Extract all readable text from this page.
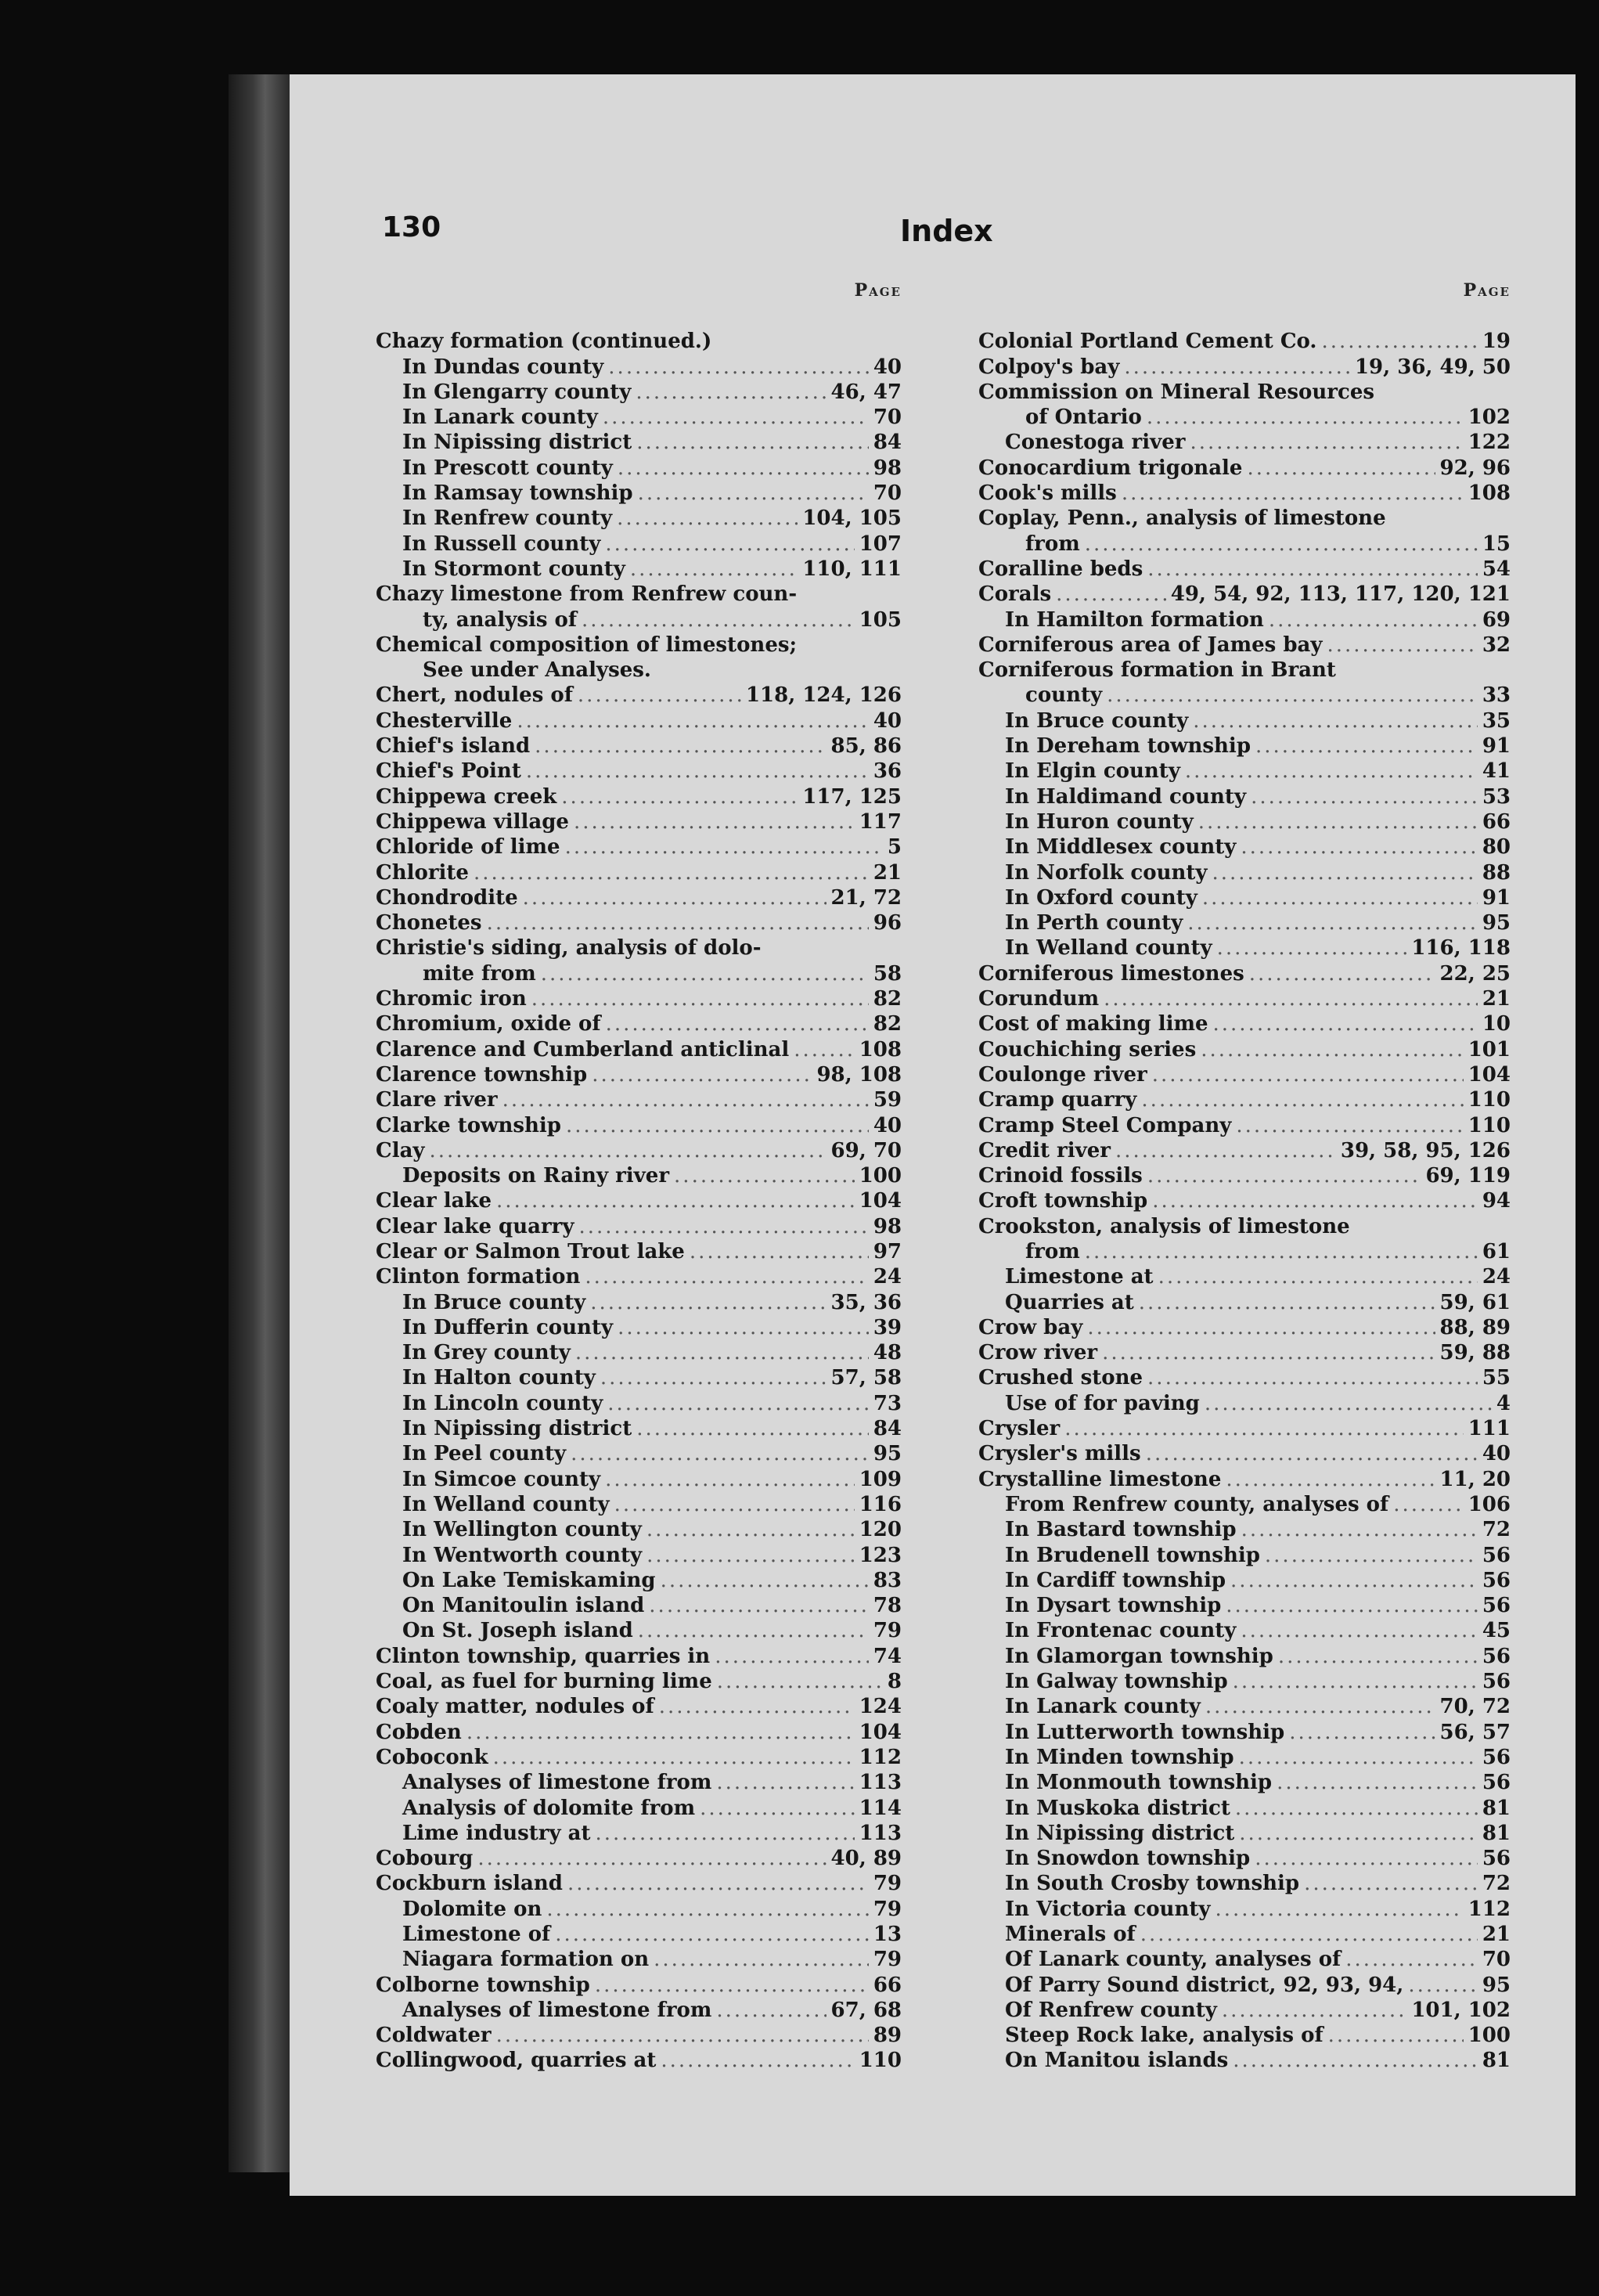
130	Index
Page
Chazy formation (continued.)
In Dundas county .....	40
In Glengarry county .....	46, 47
In Lanark county .....	70
In Nipissing district .....	84
In Prescott county .....	98
In Ramsay township .....	70
In Renfrew county .....	104, 105
In Russell county .....	107
In Stormont county .....	110, 111
Chazy limestone from Renfrew coun-
ty, analysis of .....	105
Chemical composition of limestones;
See under Analyses.
Chert, nodules of .....	118, 124, 126
Chesterville .....	40
Chief's island .....	85, 86
Chief's Point .....	36
Chippewa creek .....	117, 125
Chippewa village .....	117
Chloride of lime .....	5
Chlorite .....	21
Chondrodite .....	21, 72
Chonetes .....	96
Christie's siding, analysis of dolo-
mite from .....	58
Chromic iron .....	82
Chromium, oxide of .....	82
Clarence and Cumberland anticlinal .....	108
Clarence township .....	98, 108
Clare river .....	59
Clarke township .....	40
Clay .....	69, 70
Deposits on Rainy river .....	100
Clear lake .....	104
Clear lake quarry .....	98
Clear or Salmon Trout lake .....	97
Clinton formation .....	24
In Bruce county .....	35, 36
In Dufferin county .....	39
In Grey county .....	48
In Halton county .....	57, 58
In Lincoln county .....	73
In Nipissing district .....	84
In Peel county .....	95
In Simcoe county .....	109
In Welland county .....	116
In Wellington county .....	120
In Wentworth county .....	123
On Lake Temiskaming .....	83
On Manitoulin island .....	78
On St. Joseph island .....	79
Clinton township, quarries in .....	74
Coal, as fuel for burning lime .....	8
Coaly matter, nodules of .....	124
Cobden .....	104
Coboconk .....	112
Analyses of limestone from .....	113
Analysis of dolomite from .....	114
Lime industry at .....	113
Cobourg .....	40, 89
Cockburn island .....	79
Dolomite on .....	79
Limestone of .....	13
Niagara formation on .....	79
Colborne township .....	66
Analyses of limestone from .....	67, 68
Coldwater .....	89
Collingwood, quarries at .....	110
Page
Colonial Portland Cement Co. .....	19
Colpoy's bay .....	19, 36, 49, 50
Commission on Mineral Resources
of Ontario .....	102
Conestoga river .....	122
Conocardium trigonale .....	92, 96
Cook's mills .....	108
Coplay, Penn., analysis of limestone
from .....	15
Coralline beds .....	54
Corals .....	49, 54, 92, 113, 117, 120, 121
In Hamilton formation .....	69
Corniferous area of James bay .....	32
Corniferous formation in Brant
county .....	33
In Bruce county .....	35
In Dereham township .....	91
In Elgin county .....	41
In Haldimand county .....	53
In Huron county .....	66
In Middlesex county .....	80
In Norfolk county .....	88
In Oxford county .....	91
In Perth county .....	95
In Welland county .....	116, 118
Corniferous limestones .....	22, 25
Corundum .....	21
Cost of making lime .....	10
Couchiching series .....	101
Coulonge river .....	104
Cramp quarry .....	110
Cramp Steel Company .....	110
Credit river .....	39, 58, 95, 126
Crinoid fossils .....	69, 119
Croft township .....	94
Crookston, analysis of limestone
from .....	61
Limestone at .....	24
Quarries at .....	59, 61
Crow bay .....	88, 89
Crow river .....	59, 88
Crushed stone .....	55
Use of for paving .....	4
Crysler .....	111
Crysler's mills .....	40
Crystalline limestone .....	11, 20
From Renfrew county, analyses of .....	106
In Bastard township .....	72
In Brudenell township .....	56
In Cardiff township .....	56
In Dysart township .....	56
In Frontenac county .....	45
In Glamorgan township .....	56
In Galway township .....	56
In Lanark county .....	70, 72
In Lutterworth township .....	56, 57
In Minden township .....	56
In Monmouth township .....	56
In Muskoka district .....	81
In Nipissing district .....	81
In Snowdon township .....	56
In South Crosby township .....	72
In Victoria county .....	112
Minerals of .....	21
Of Lanark county, analyses of .....	70
Of Parry Sound district, 92, 93, 94, .....	95
Of Renfrew county .....	101, 102
Steep Rock lake, analysis of .....	100
On Manitou islands .....	81
